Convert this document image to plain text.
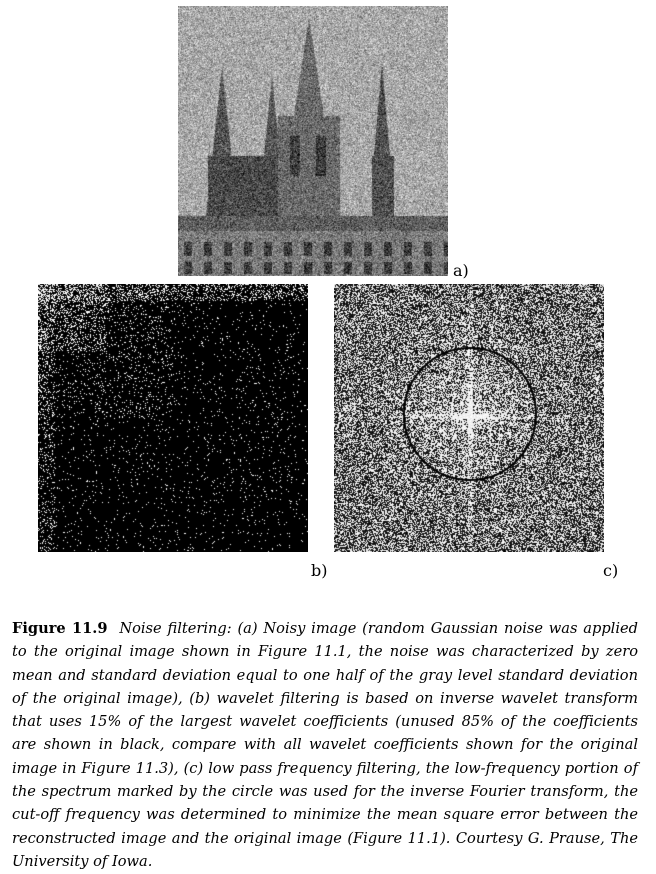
a)
b)	c)
Figure 11.9 Noise filtering: (a) Noisy image (random Gaussian noise was applied to the original image shown in Figure 11.1, the noise was characterized by zero mean and standard deviation equal to one half of the gray level standard deviation of the original image), (b) wavelet filtering is based on inverse wavelet transform that uses 15% of the largest wavelet coefficients (unused 85% of the coefficients are shown in black, compare with all wavelet coefficients shown for the original image in Figure 11.3), (c) low pass frequency filtering, the low-frequency portion of the spectrum marked by the circle was used for the inverse Fourier transform, the cut-off frequency was determined to minimize the mean square error between the reconstructed image and the original image (Figure 11.1). Courtesy G. Prause, The University of Iowa.
